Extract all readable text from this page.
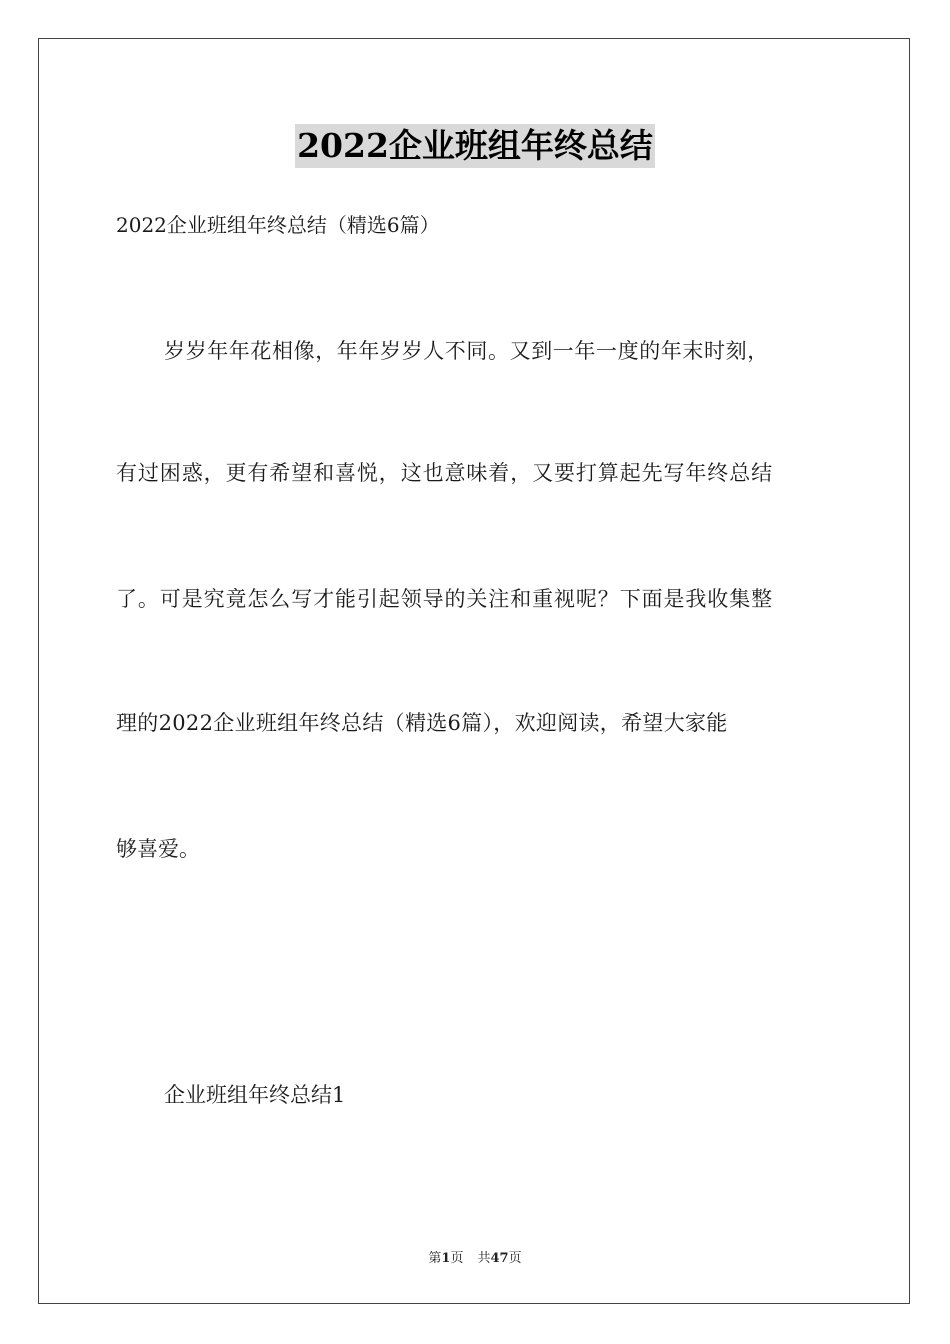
2022企业班组年终总结
2022企业班组年终总结（精选6篇）
岁岁年年花相像，年年岁岁人不同。又到一年一度的年末时刻，
有过困惑，更有希望和喜悦，这也意味着，又要打算起先写年终总结
了。可是究竟怎么写才能引起领导的关注和重视呢？下面是我收集整
理的2022企业班组年终总结（精选6篇），欢迎阅读，希望大家能
够喜爱。
企业班组年终总结1
第1页 共47页
